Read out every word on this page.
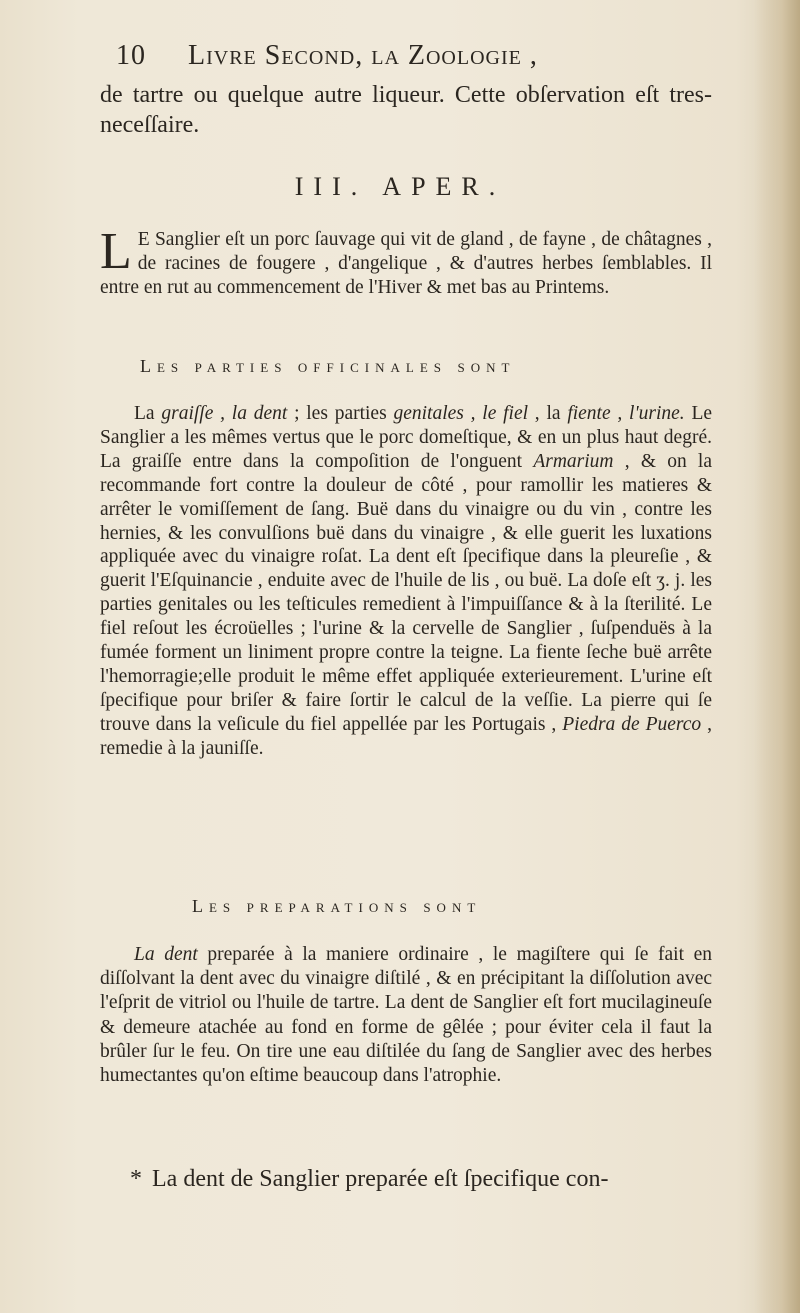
10 Livre Second, la Zoologie ,
de tartre ou quelque autre liqueur. Cette obſervation eſt tres-neceſſaire.
III. APER.
L E Sanglier eſt un porc ſauvage qui vit de gland , de fayne , de châtagnes , de racines de fougere , d'angelique , & d'autres herbes ſemblables. Il entre en rut au commencement de l'Hiver & met bas au Printems.
Les parties officinales sont
La graiſſe , la dent ; les parties genitales , le fiel , la fiente , l'urine. Le Sanglier a les mêmes vertus que le porc domeſtique, & en un plus haut degré. La graiſſe entre dans la compoſition de l'onguent Armarium , & on la recommande fort contre la douleur de côté , pour ramollir les matieres & arrêter le vomiſſement de ſang. Buë dans du vinaigre ou du vin , contre les hernies, & les convulſions buë dans du vinaigre , & elle guerit les luxations appliquée avec du vinaigre roſat. La dent eſt ſpecifique dans la pleureſie , & guerit l'Eſquinancie , enduite avec de l'huile de lis , ou buë. La doſe eſt ʒ. j. les parties genitales ou les teſticules remedient à l'impuiſſance & à la ſterilité. Le fiel reſout les écroüelles ; l'urine & la cervelle de Sanglier , ſuſpenduës à la fumée forment un liniment propre contre la teigne. La fiente ſeche buë arrête l'hemorragie;elle produit le même effet appliquée exterieurement. L'urine eſt ſpecifique pour briſer & faire ſortir le calcul de la veſſie. La pierre qui ſe trouve dans la veſicule du fiel appellée par les Portugais , Piedra de Puerco , remedie à la jauniſſe.
Les preparations sont
La dent preparée à la maniere ordinaire , le magiſtere qui ſe fait en diſſolvant la dent avec du vinaigre diſtilé , & en précipitant la diſſolution avec l'eſprit de vitriol ou l'huile de tartre. La dent de Sanglier eſt fort mucilagineuſe & demeure atachée au fond en forme de gêlée ; pour éviter cela il faut la brûler ſur le feu. On tire une eau diſtilée du ſang de Sanglier avec des herbes humectantes qu'on eſtime beaucoup dans l'atrophie.
* La dent de Sanglier preparée eſt ſpecifique con-
